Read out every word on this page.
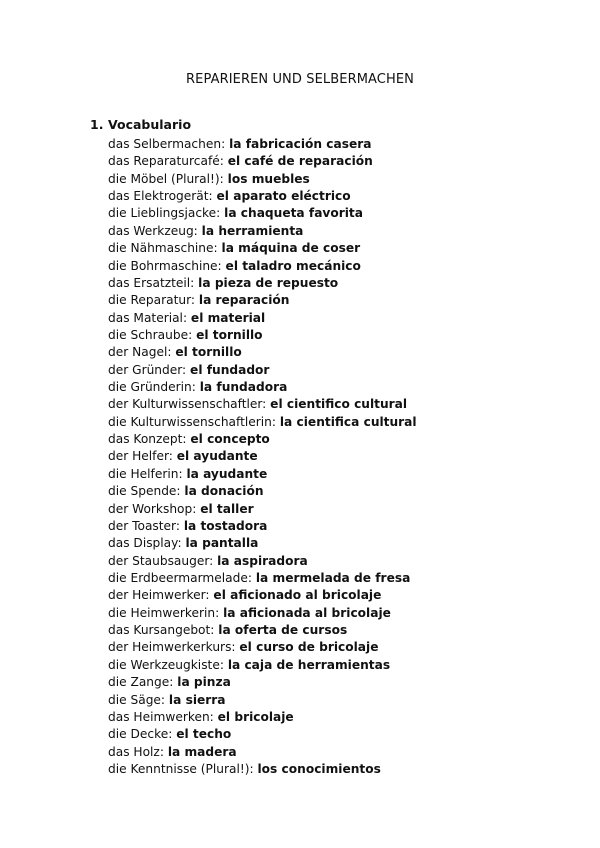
REPARIEREN UND SELBERMACHEN
1. Vocabulario
das Selbermachen: la fabricación casera
das Reparaturcafé: el café de reparación
die Möbel (Plural!): los muebles
das Elektrogerät: el aparato eléctrico
die Lieblingsjacke: la chaqueta favorita
das Werkzeug: la herramienta
die Nähmaschine: la máquina de coser
die Bohrmaschine: el taladro mecánico
das Ersatzteil: la pieza de repuesto
die Reparatur: la reparación
das Material: el material
die Schraube: el tornillo
der Nagel: el tornillo
der Gründer: el fundador
die Gründerin: la fundadora
der Kulturwissenschaftler: el cientifico cultural
die Kulturwissenschaftlerin: la cientifica cultural
das Konzept: el concepto
der Helfer: el ayudante
die Helferin: la ayudante
die Spende: la donación
der Workshop: el taller
der Toaster: la tostadora
das Display: la pantalla
der Staubsauger: la aspiradora
die Erdbeermarmelade: la mermelada de fresa
der Heimwerker: el aficionado al bricolaje
die Heimwerkerin: la aficionada al bricolaje
das Kursangebot: la oferta de cursos
der Heimwerkerkurs: el curso de bricolaje
die Werkzeugkiste: la caja de herramientas
die Zange: la pinza
die Säge: la sierra
das Heimwerken: el bricolaje
die Decke: el techo
das Holz: la madera
die Kenntnisse (Plural!): los conocimientos
